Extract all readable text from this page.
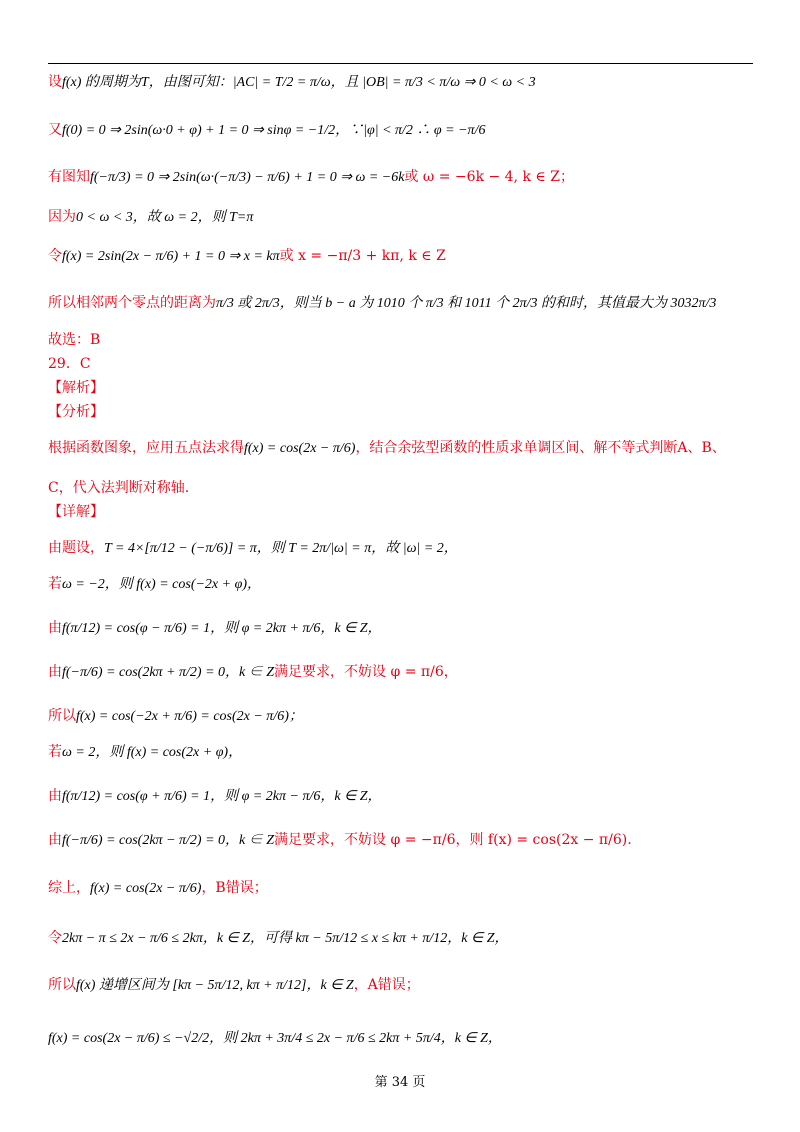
设f(x) 的周期为T，由图可知：|AC| = T/2 = π/ω，且 |OB| = π/3 < π/ω ⇒ 0 < ω < 3
又f(0) = 0 ⇒ 2sin(ω·0 + φ) + 1 = 0 ⇒ sinφ = −1/2，∵|φ| < π/2 ∴ φ = −π/6
有图知f(−π/3) = 0 ⇒ 2sin(ω·(−π/3) − π/6) + 1 = 0 ⇒ ω = −6k或 ω = −6k − 4, k ∈ Z；
因为0 < ω < 3，故 ω = 2，则 T=π
令f(x) = 2sin(2x − π/6) + 1 = 0 ⇒ x = kπ或 x = −π/3 + kπ, k ∈ Z
所以相邻两个零点的距离为π/3 或 2π/3，则当 b − a 为 1010 个 π/3 和 1011 个 2π/3 的和时，其值最大为 3032π/3
故选：B
29．C
【解析】
【分析】
根据函数图象，应用五点法求得f(x) = cos(2x − π/6)，结合余弦型函数的性质求单调区间、解不等式判断A、B、
C，代入法判断对称轴.
【详解】
由题设，T = 4×[π/12 − (−π/6)] = π，则 T = 2π/|ω| = π，故 |ω| = 2，
若ω = −2，则 f(x) = cos(−2x + φ)，
由f(π/12) = cos(φ − π/6) = 1，则 φ = 2kπ + π/6，k ∈ Z，
由f(−π/6) = cos(2kπ + π/2) = 0，k ∈ Z满足要求，不妨设 φ = π/6，
所以f(x) = cos(−2x + π/6) = cos(2x − π/6)；
若ω = 2，则 f(x) = cos(2x + φ)，
由f(π/12) = cos(φ + π/6) = 1，则 φ = 2kπ − π/6，k ∈ Z，
由f(−π/6) = cos(2kπ − π/2) = 0，k ∈ Z满足要求，不妨设 φ = −π/6，则 f(x) = cos(2x − π/6).
综上，f(x) = cos(2x − π/6)，B错误；
令2kπ − π ≤ 2x − π/6 ≤ 2kπ，k ∈ Z，可得 kπ − 5π/12 ≤ x ≤ kπ + π/12，k ∈ Z，
所以f(x) 递增区间为 [kπ − 5π/12, kπ + π/12]，k ∈ Z，A错误；
f(x) = cos(2x − π/6) ≤ −√2/2，则 2kπ + 3π/4 ≤ 2x − π/6 ≤ 2kπ + 5π/4，k ∈ Z，
第 34 页
